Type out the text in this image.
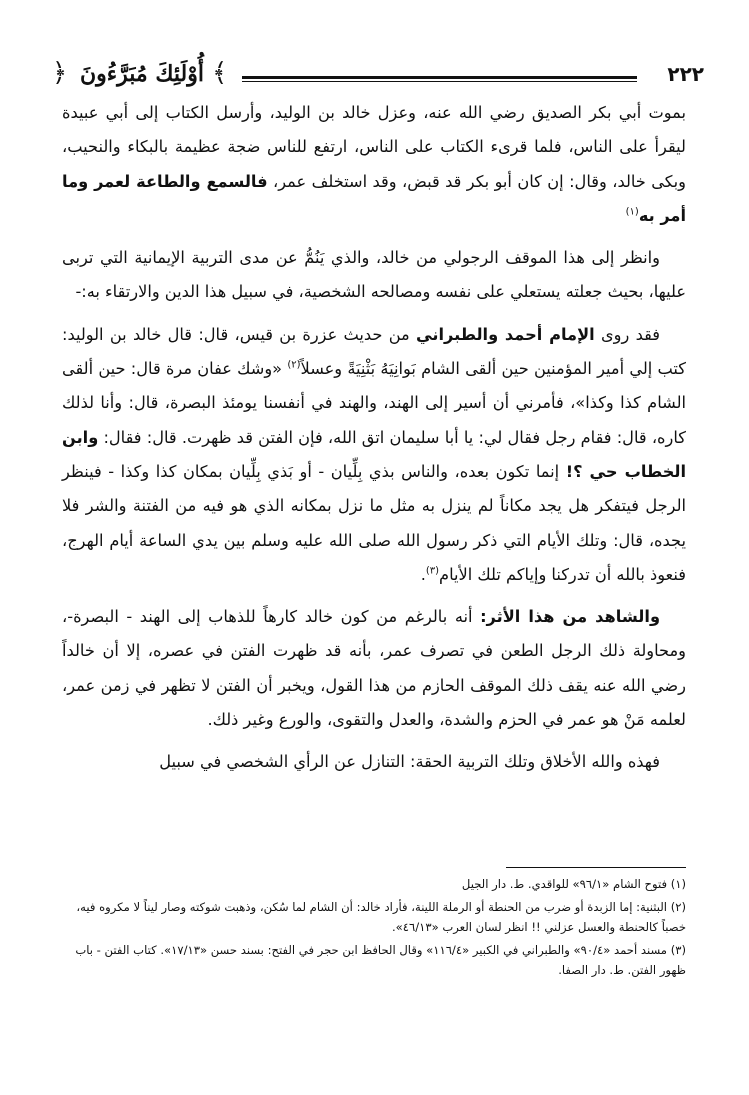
أُوْلَئِكَ مُبَرَّءُونَ
﴿	﴾	٢٢٢

بموت أبي بكر الصديق رضي الله عنه، وعزل خالد بن الوليد، وأرسل الكتاب إلى أبي عبيدة ليقرأ على الناس، فلما قرىء الكتاب على الناس، ارتفع للناس ضجة عظيمة بالبكاء والنحيب، وبكى خالد، وقال: إن كان أبو بكر قد قبض، وقد استخلف عمر، فالسمع والطاعة لعمر وما أمر به$^{(١)}$

وانظر إلى هذا الموقف الرجولي من خالد، والذي يَنُمُّ عن مدى التربية الإيمانية التي تربى عليها، بحيث جعلته يستعلي على نفسه ومصالحه الشخصية، في سبيل هذا الدين والارتقاء به:-

فقد روى الإمام أحمد والطبراني من حديث عزرة بن قيس، قال: قال خالد بن الوليد: كتب إلي أمير المؤمنين حين ألقى الشام بَوانِيَهُ بَثْنِيَةً وعسلاً$^{(٢)}$ «وشك عفان مرة قال: حين ألقى الشام كذا وكذا»، فأمرني أن أسير إلى الهند، والهند في أنفسنا يومئذ البصرة، قال: وأنا لذلك كاره، قال: فقام رجل فقال لي: يا أبا سليمان اتق الله، فإن الفتن قد ظهرت. قال: فقال: وابن الخطاب حي ؟! إنما تكون بعده، والناس بذي بِلِّيان - أو بَذي بِلِّيان بمكان كذا وكذا - فينظر الرجل فيتفكر هل يجد مكاناً لم ينزل به مثل ما نزل بمكانه الذي هو فيه من الفتنة والشر فلا يجده، قال: وتلك الأيام التي ذكر رسول الله صلى الله عليه وسلم بين يدي الساعة أيام الهرج، فنعوذ بالله أن تدركنا وإياكم تلك الأيام$^{(٣)}$.

والشاهد من هذا الأثر: أنه بالرغم من كون خالد كارهاً للذهاب إلى الهند - البصرة-، ومحاولة ذلك الرجل الطعن في تصرف عمر، بأنه قد ظهرت الفتن في عصره، إلا أن خالداً رضي الله عنه يقف ذلك الموقف الحازم من هذا القول، ويخبر أن الفتن لا تظهر في زمن عمر، لعلمه مَنْ هو عمر في الحزم والشدة، والعدل والتقوى، والورع وغير ذلك.

فهذه والله الأخلاق وتلك التربية الحقة: التنازل عن الرأي الشخصي في سبيل

(١) فتوح الشام «٩٦/١» للواقدي. ط. دار الجيل

(٢) البثنية: إما الزبدة أو ضرب من الحنطة أو الرملة اللينة، فأراد خالد: أن الشام لما سُكن، وذهبت شوكته وصار ليناً لا مكروه فيه، خصباً كالحنطة والعسل عزلني !! انظر لسان العرب «٤٦/١٣».

(٣) مسند أحمد «٩٠/٤» والطبراني في الكبير «١١٦/٤» وقال الحافظ ابن حجر في الفتح: بسند حسن «١٧/١٣». كتاب الفتن - باب ظهور الفتن. ط. دار الصفا.
